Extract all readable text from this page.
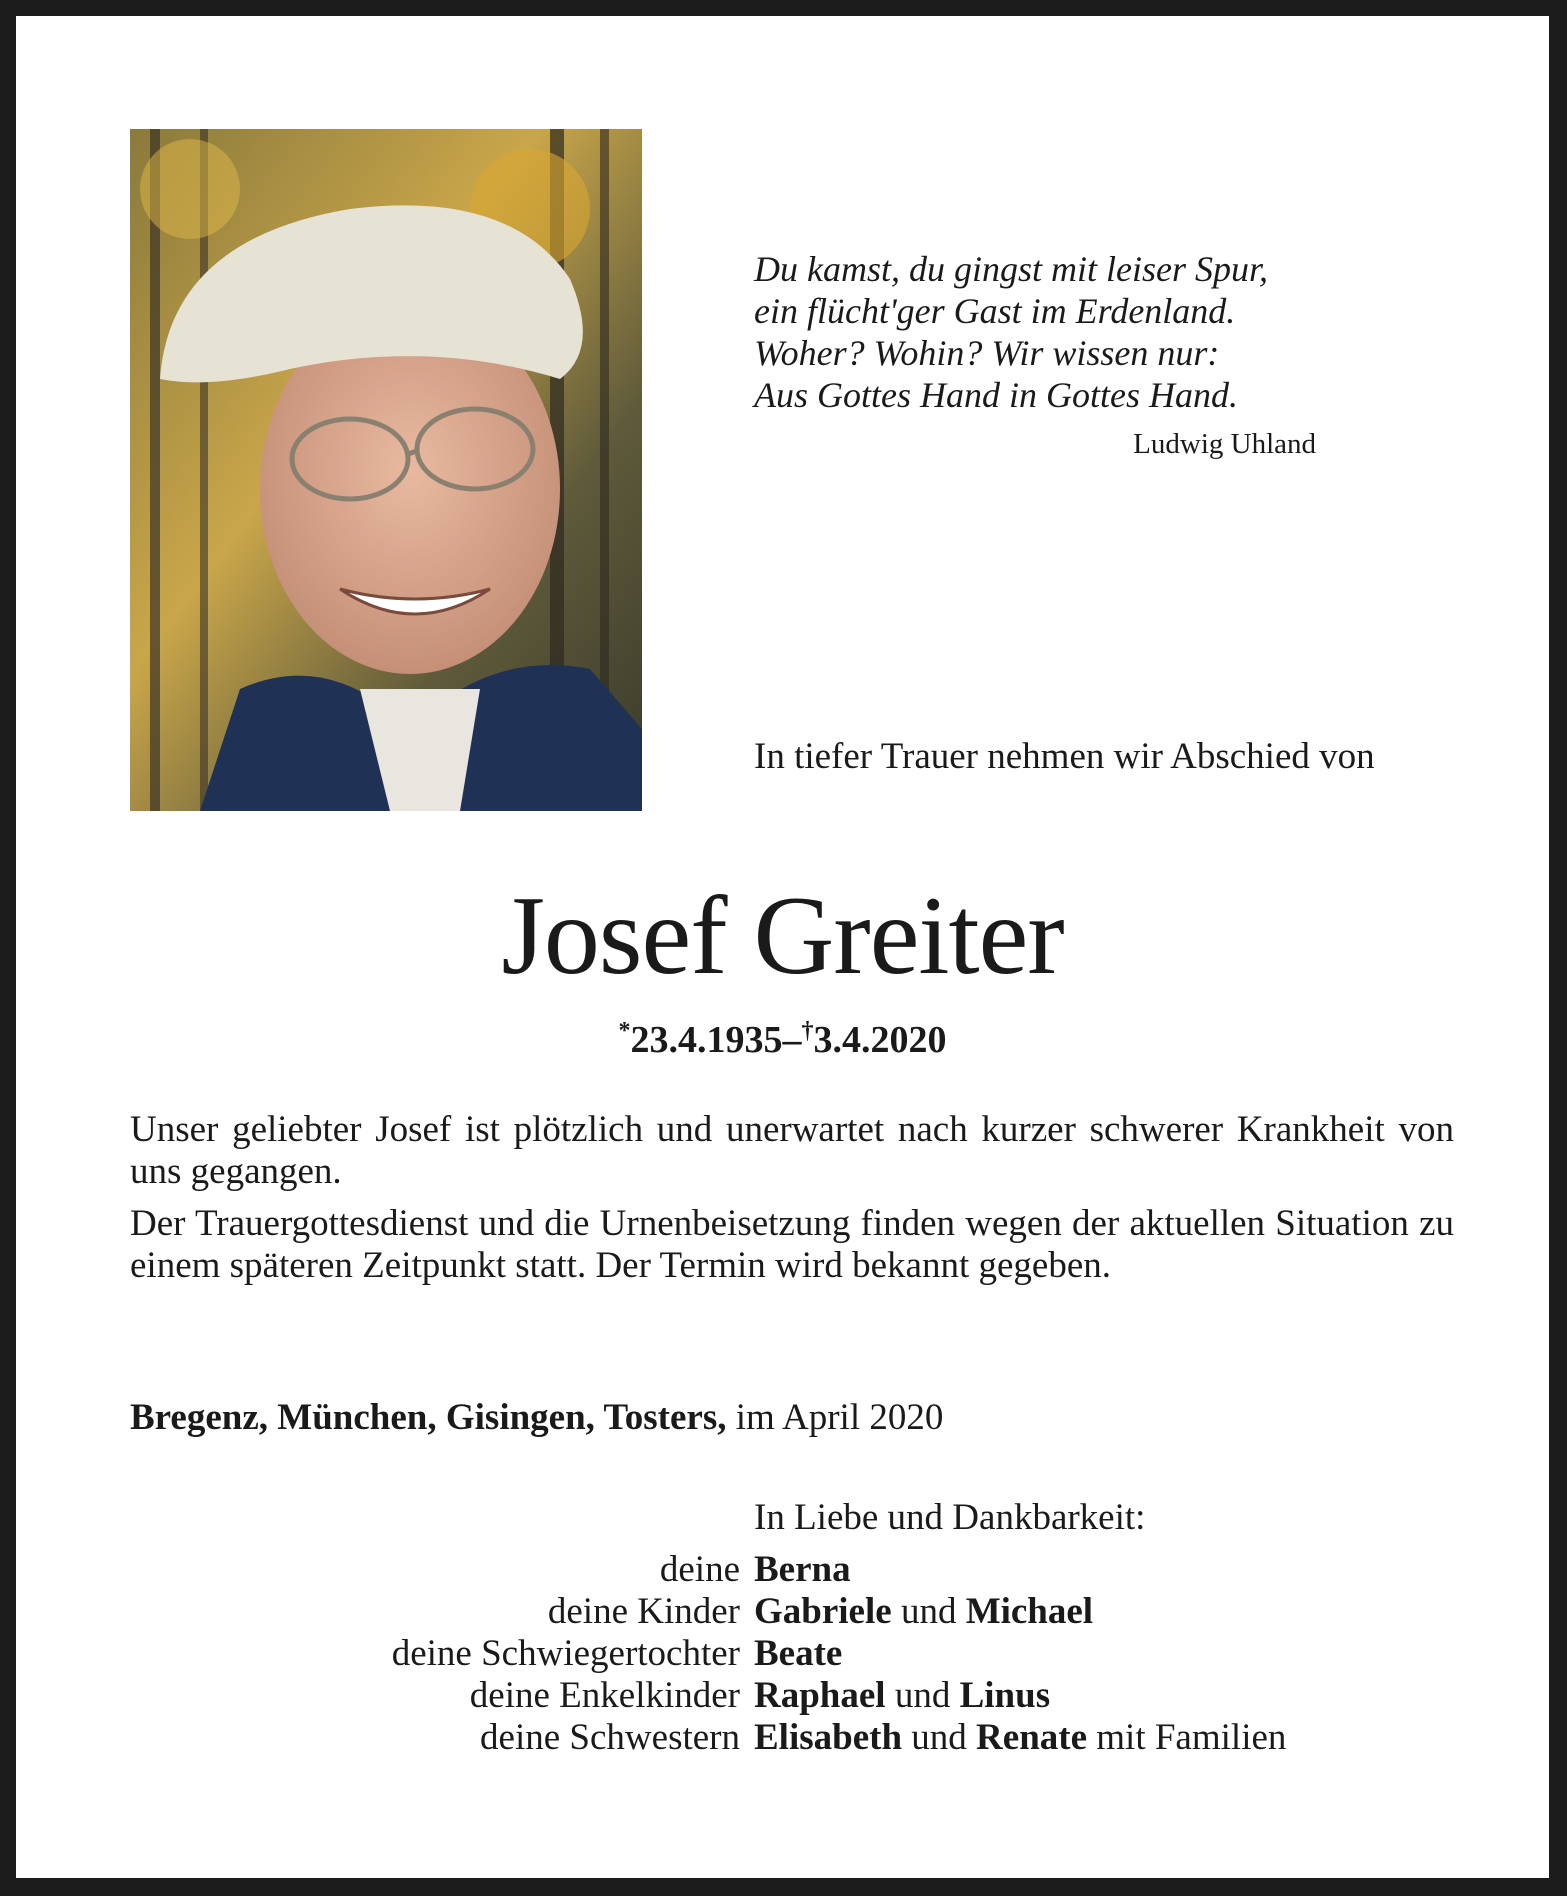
Du kamst, du gingst mit leiser Spur,
ein flücht'ger Gast im Erdenland.
Woher? Wohin? Wir wissen nur:
Aus Gottes Hand in Gottes Hand.
Ludwig Uhland
In tiefer Trauer nehmen wir Abschied von
Josef Greiter
*23.4.1935–†3.4.2020

Unser geliebter Josef ist plötzlich und unerwartet nach kurzer schwerer Krankheit von uns gegangen.

Der Trauergottesdienst und die Urnenbeisetzung finden wegen der aktuellen Situation zu einem späteren Zeitpunkt statt. Der Termin wird bekannt gegeben.

Bregenz, München, Gisingen, Tosters, im April 2020
In Liebe und Dankbarkeit:
deine Berna
deine Kinder Gabriele und Michael
deine Schwiegertochter Beate
deine Enkelkinder Raphael und Linus
deine Schwestern Elisabeth und Renate mit Familien
